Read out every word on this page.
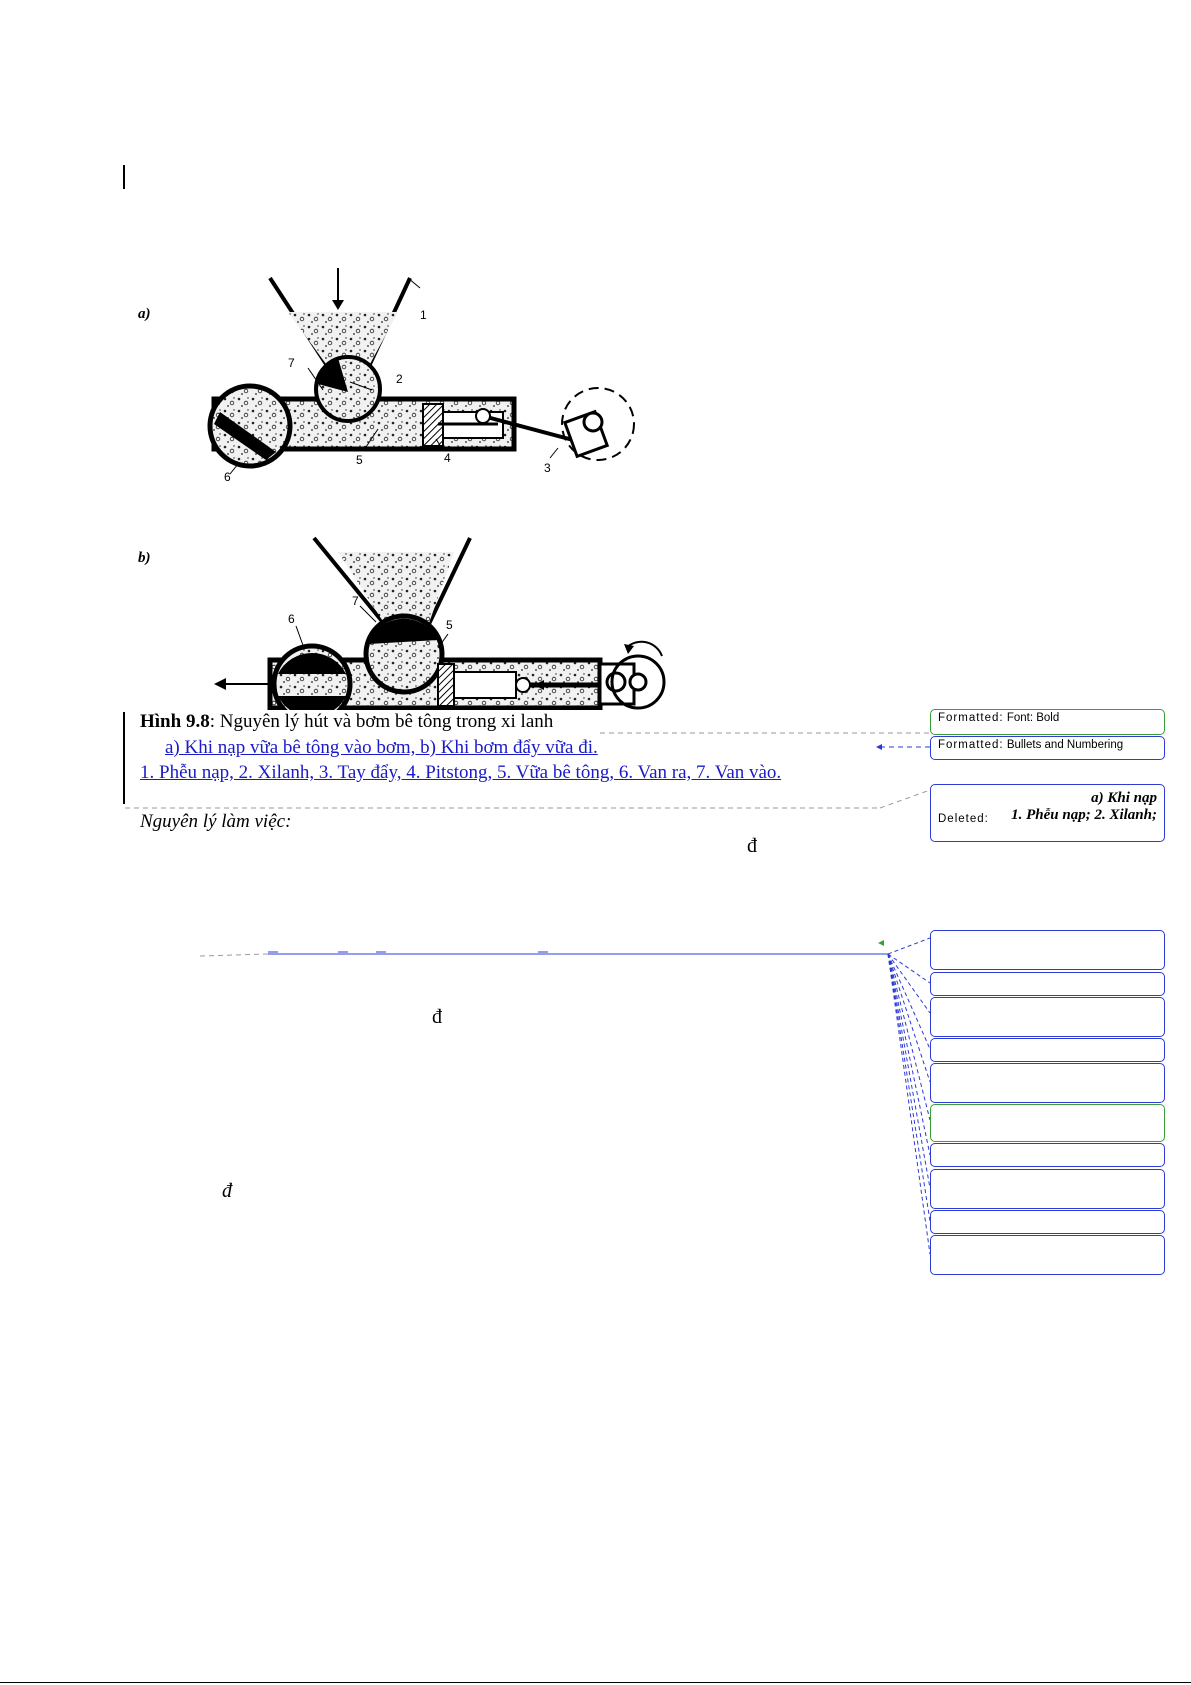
a)
b)
1
2
3
4
5
6
7
5
6
7
Hình 9.8: Nguyên lý hút và bơm bê tông trong xi lanh
a) Khi nạp vữa bê tông vào bơm, b) Khi bơm đẩy vữa đi.
1. Phễu nạp, 2. Xilanh, 3. Tay đẩy, 4. Pitstong, 5. Vữa bê tông, 6. Van ra, 7. Van vào.
Nguyên lý làm việc:
đ
đ
đ
Formatted: Font: Bold
Formatted: Bullets and Numbering
a) Khi nạp
Deleted: 1. Phễu nạp; 2. Xilanh;
